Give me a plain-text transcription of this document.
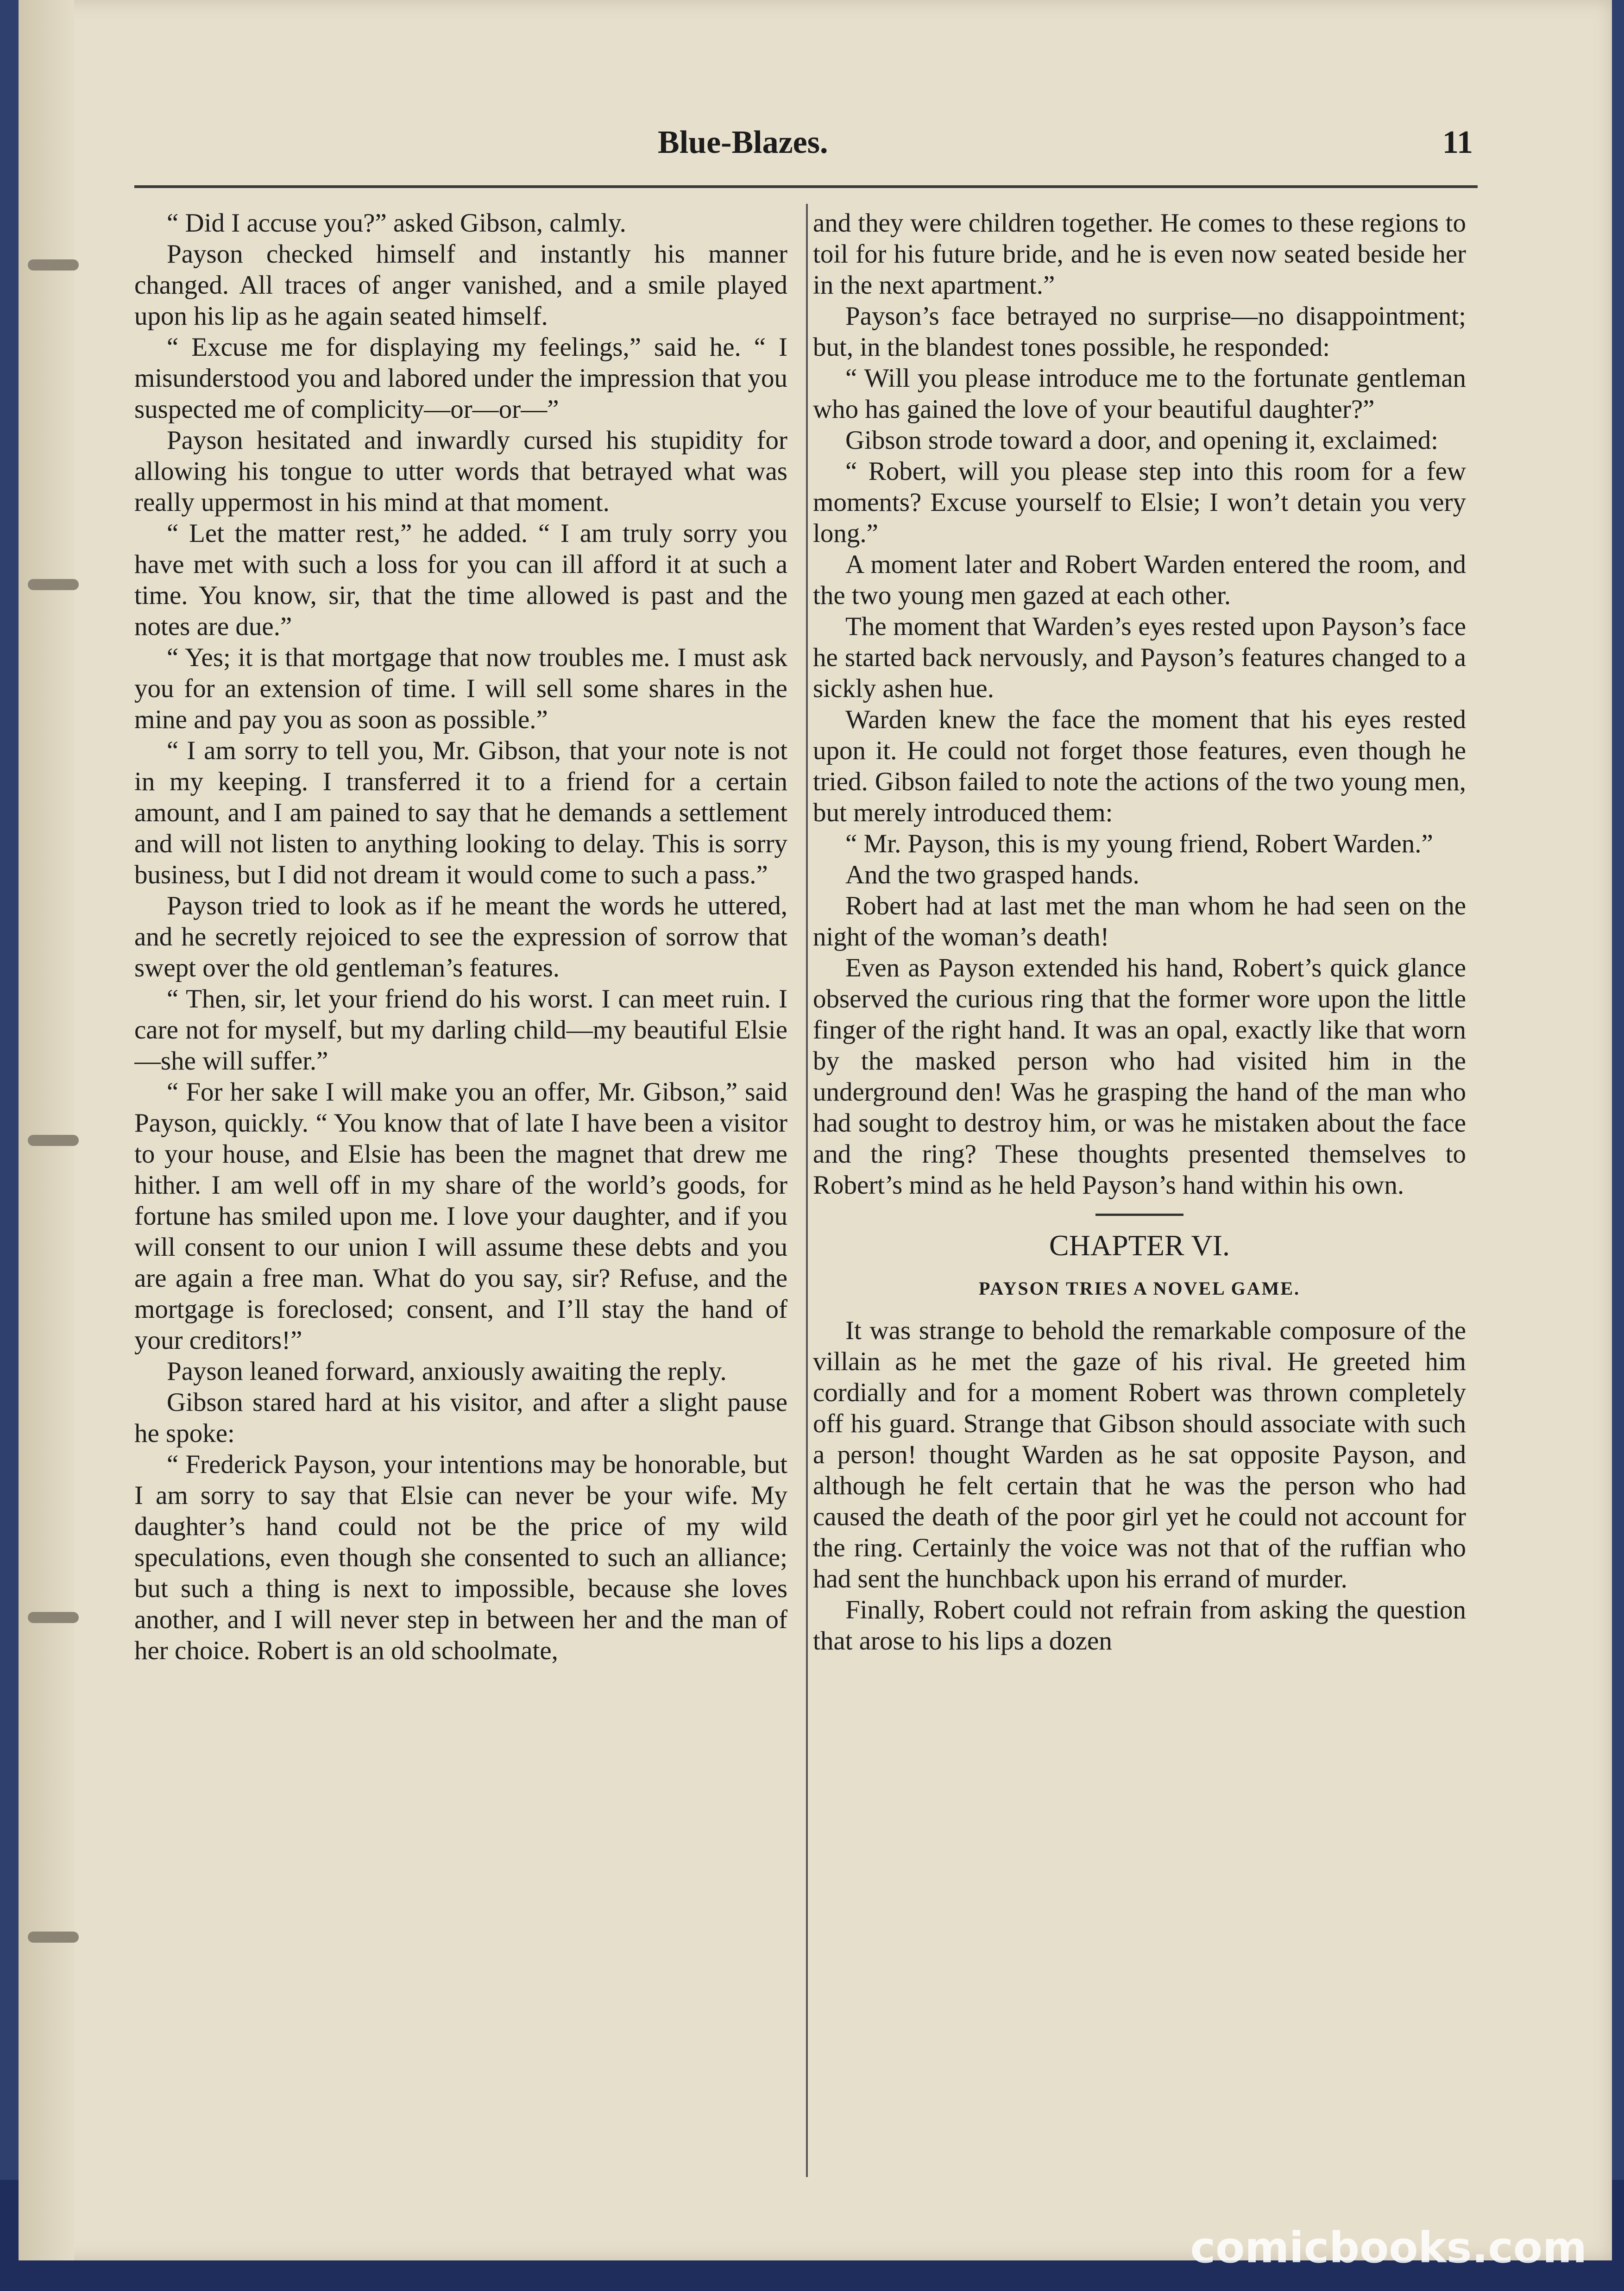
Blue-Blazes.	11

“ Did I accuse you?” asked Gibson, calmly.

Payson checked himself and instantly his manner changed. All traces of anger vanished, and a smile played upon his lip as he again seated himself.

“ Excuse me for displaying my feelings,” said he. “ I misunderstood you and labored under the impression that you suspected me of complicity—or—or—”

Payson hesitated and inwardly cursed his stupidity for allowing his tongue to utter words that betrayed what was really uppermost in his mind at that moment.

“ Let the matter rest,” he added. “ I am truly sorry you have met with such a loss for you can ill afford it at such a time. You know, sir, that the time allowed is past and the notes are due.”

“ Yes; it is that mortgage that now troubles me. I must ask you for an extension of time. I will sell some shares in the mine and pay you as soon as possible.”

“ I am sorry to tell you, Mr. Gibson, that your note is not in my keeping. I transferred it to a friend for a certain amount, and I am pained to say that he demands a settlement and will not listen to anything looking to delay. This is sorry business, but I did not dream it would come to such a pass.”

Payson tried to look as if he meant the words he uttered, and he secretly rejoiced to see the expression of sorrow that swept over the old gentleman’s features.

“ Then, sir, let your friend do his worst. I can meet ruin. I care not for myself, but my darling child—my beautiful Elsie—she will suffer.”

“ For her sake I will make you an offer, Mr. Gibson,” said Payson, quickly. “ You know that of late I have been a visitor to your house, and Elsie has been the magnet that drew me hither. I am well off in my share of the world’s goods, for fortune has smiled upon me. I love your daughter, and if you will consent to our union I will assume these debts and you are again a free man. What do you say, sir? Refuse, and the mortgage is foreclosed; consent, and I’ll stay the hand of your creditors!”

Payson leaned forward, anxiously awaiting the reply.

Gibson stared hard at his visitor, and after a slight pause he spoke:

“ Frederick Payson, your intentions may be honorable, but I am sorry to say that Elsie can never be your wife. My daughter’s hand could not be the price of my wild speculations, even though she consented to such an alliance; but such a thing is next to impossible, because she loves another, and I will never step in between her and the man of her choice. Robert is an old schoolmate,

and they were children together. He comes to these regions to toil for his future bride, and he is even now seated beside her in the next apartment.”

Payson’s face betrayed no surprise—no disappointment; but, in the blandest tones possible, he responded:

“ Will you please introduce me to the fortunate gentleman who has gained the love of your beautiful daughter?”

Gibson strode toward a door, and opening it, exclaimed:

“ Robert, will you please step into this room for a few moments? Excuse yourself to Elsie; I won’t detain you very long.”

A moment later and Robert Warden entered the room, and the two young men gazed at each other.

The moment that Warden’s eyes rested upon Payson’s face he started back nervously, and Payson’s features changed to a sickly ashen hue.

Warden knew the face the moment that his eyes rested upon it. He could not forget those features, even though he tried. Gibson failed to note the actions of the two young men, but merely introduced them:

“ Mr. Payson, this is my young friend, Robert Warden.”

And the two grasped hands.

Robert had at last met the man whom he had seen on the night of the woman’s death!

Even as Payson extended his hand, Robert’s quick glance observed the curious ring that the former wore upon the little finger of the right hand. It was an opal, exactly like that worn by the masked person who had visited him in the underground den! Was he grasping the hand of the man who had sought to destroy him, or was he mistaken about the face and the ring? These thoughts presented themselves to Robert’s mind as he held Payson’s hand within his own.

CHAPTER VI.
PAYSON TRIES A NOVEL GAME.

It was strange to behold the remarkable composure of the villain as he met the gaze of his rival. He greeted him cordially and for a moment Robert was thrown completely off his guard. Strange that Gibson should associate with such a person! thought Warden as he sat opposite Payson, and although he felt certain that he was the person who had caused the death of the poor girl yet he could not account for the ring. Certainly the voice was not that of the ruffian who had sent the hunchback upon his errand of murder.

Finally, Robert could not refrain from asking the question that arose to his lips a dozen

comicbooks.com
